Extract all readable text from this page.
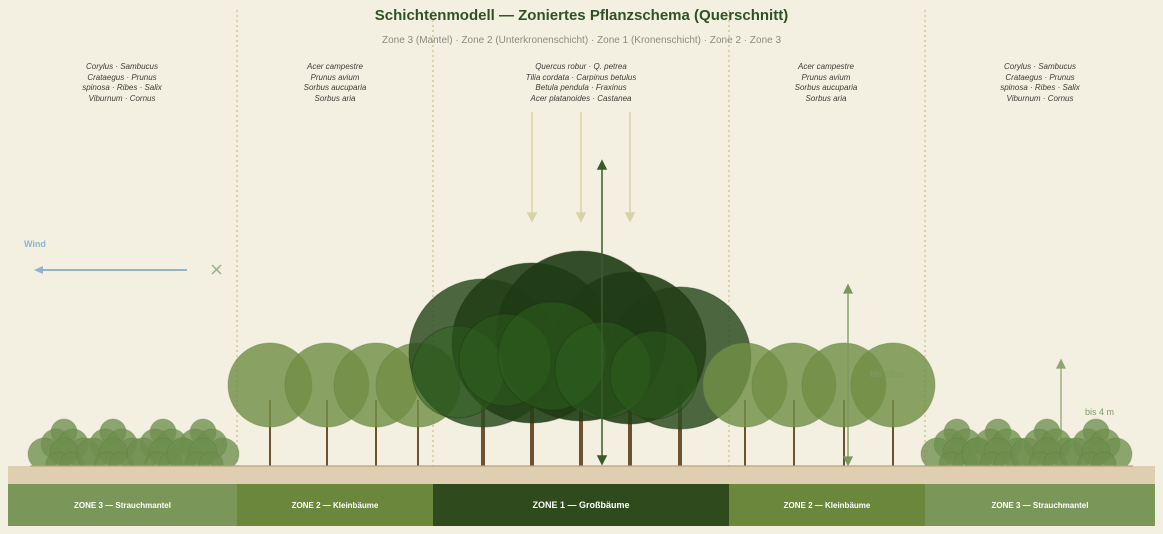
Schichtenmodell — Zoniertes Pflanzschema (Querschnitt)
Zone 3 (Mantel) · Zone 2 (Unterkronenschicht) · Zone 1 (Kronenschicht) · Zone 2 · Zone 3
Corylus · Sambucus
Crataegus · Prunus
spinosa · Ribes · Salix
Viburnum · Cornus
Acer campestre
Prunus avium
Sorbus aucuparia
Sorbus aria
Quercus robur · Q. petrea
Tilia cordata · Carpinus betulus
Betula pendula · Fraxinus
Acer platanoides · Castanea
Acer campestre
Prunus avium
Sorbus aucuparia
Sorbus aria
Corylus · Sambucus
Crataegus · Prunus
spinosa · Ribes · Salix
Viburnum · Cornus
Wind
bis 10 m
bis 4 m
ZONE 3 — Strauchmantel	ZONE 2 — Kleinbäume	ZONE 1 — Großbäume	ZONE 2 — Kleinbäume	ZONE 3 — Strauchmantel
